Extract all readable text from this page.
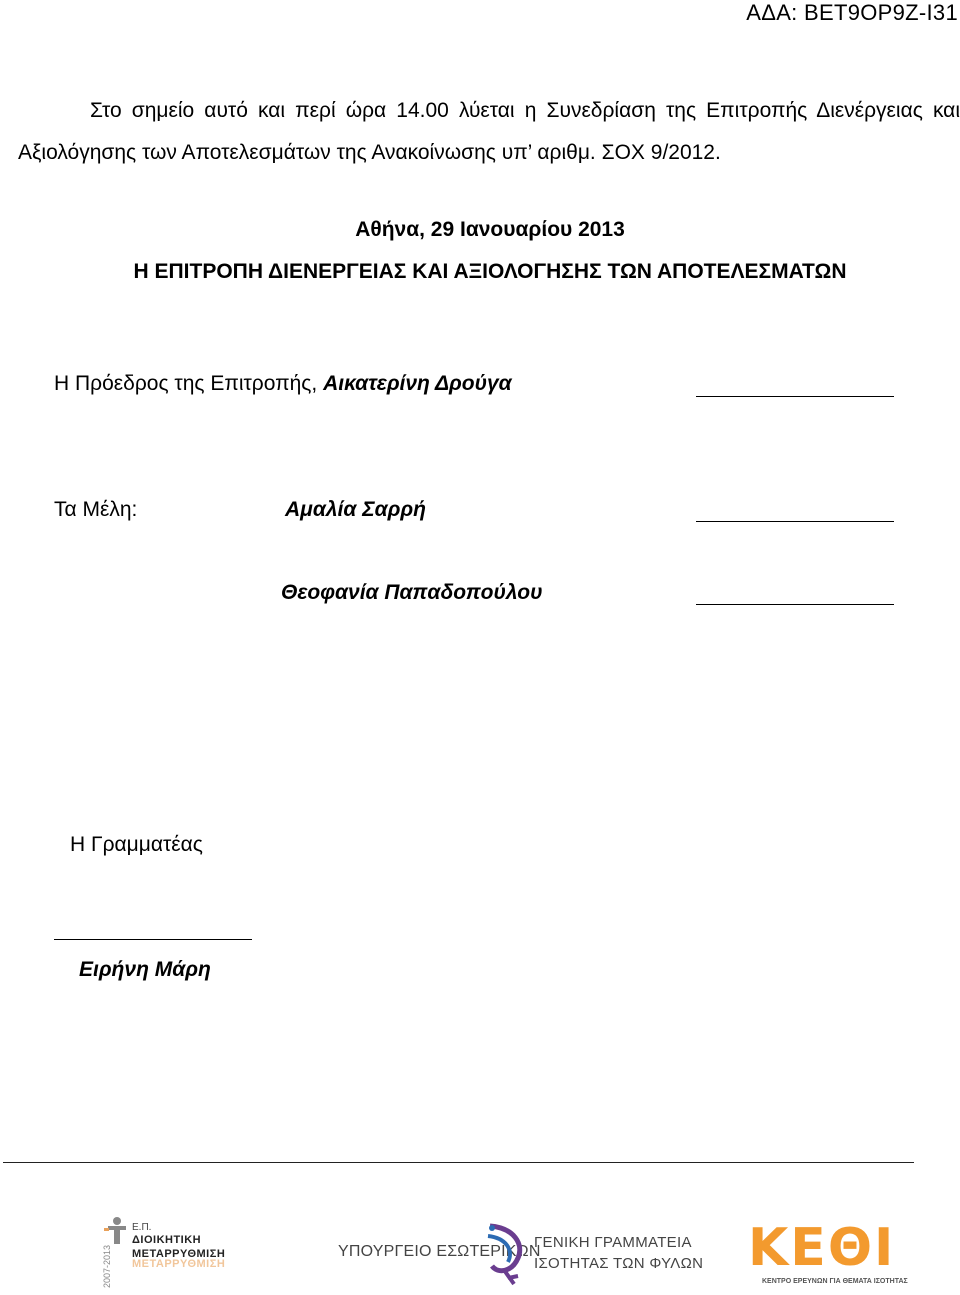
ΑΔΑ: ΒΕΤ9ΟΡ9Ζ-Ι31
Στο σημείο αυτό και περί ώρα 14.00 λύεται η Συνεδρίαση της Επιτροπής Διενέργειας και
Αξιολόγησης των Αποτελεσμάτων της Ανακοίνωσης υπ’ αριθμ. ΣΟΧ 9/2012.
Αθήνα, 29 Ιανουαρίου 2013
Η ΕΠΙΤΡΟΠΗ ΔΙΕΝΕΡΓΕΙΑΣ ΚΑΙ ΑΞΙΟΛΟΓΗΣΗΣ ΤΩΝ ΑΠΟΤΕΛΕΣΜΑΤΩΝ
Η Πρόεδρος της Επιτροπής, Αικατερίνη Δρούγα
Τα Μέλη:	Αμαλία Σαρρή
Θεοφανία Παπαδοπούλου
Η Γραμματέας
Ειρήνη Μάρη
2007-2013
Ε.Π.
ΔΙΟΙΚΗΤΙΚΗ
ΜΕΤΑΡΡΥΘΜΙΣΗ
ΜΕΤΑΡΡΥΘΜΙΣΗ
ΥΠΟΥΡΓΕΙΟ ΕΣΩΤΕΡΙΚΩΝ
ΓΕΝΙΚΗ ΓΡΑΜΜΑΤΕΙΑ
ΙΣΟΤΗΤΑΣ ΤΩΝ ΦΥΛΩΝ ΚΕΘΙ
ΚΕΝΤΡΟ ΕΡΕΥΝΩΝ ΓΙΑ ΘΕΜΑΤΑ ΙΣΟΤΗΤΑΣ
